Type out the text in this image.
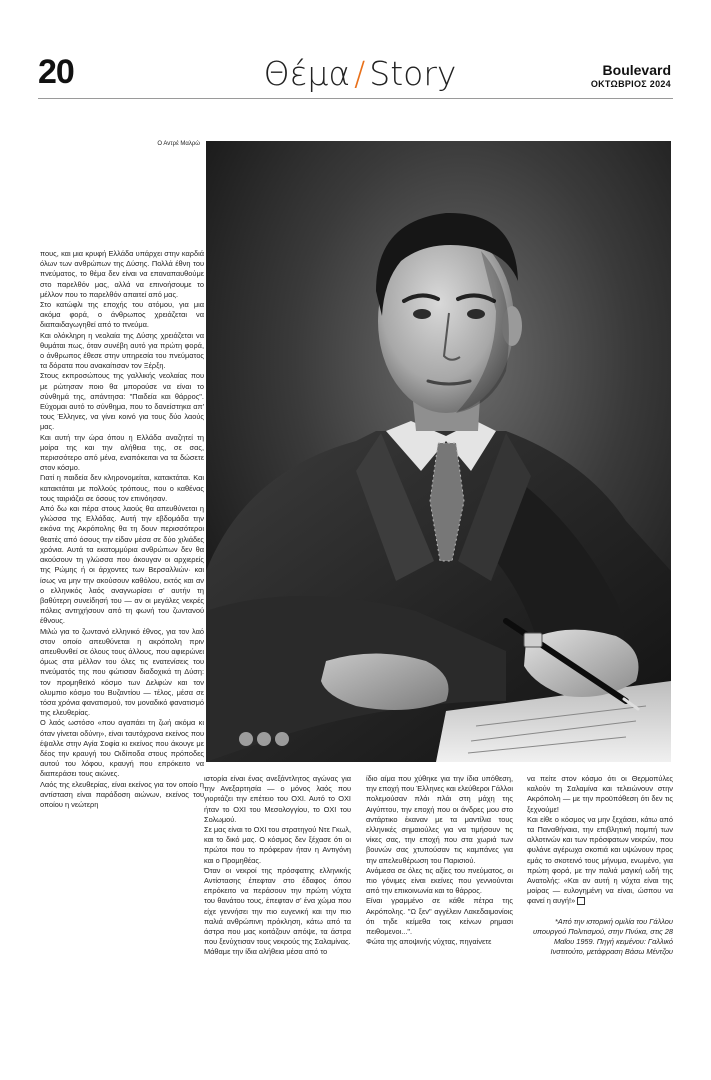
20	Θέμα / Story	Boulevard
ΟΚΤΩΒΡΙΟΣ 2024
Ο Αντρέ Μαλρώ

πους, και μια κρυφή Ελλάδα υπάρχει στην καρδιά όλων των ανθρώπων της Δύσης. Πολλά έθνη του πνεύματος, το θέμα δεν είναι να επαναπαυθούμε στο παρελθόν μας, αλλά να επινοήσουμε το μέλλον που το παρελθόν απαιτεί από μας.

Στο κατώφλι της εποχής του ατόμου, για μια ακόμα φορά, ο άνθρωπος χρειάζεται να διαπαιδαγωγηθεί από το πνεύμα.

Και ολόκληρη η νεολαία της Δύσης χρειάζεται να θυμάται πως, όταν συνέβη αυτό για πρώτη φορά, ο άνθρωπος έθεσε στην υπηρεσία του πνεύματος τα δόρατα που ανακαίτισαν τον Ξέρξη.

Στους εκπροσώπους της γαλλικής νεολαίας που με ρώτησαν ποιο θα μπορούσε να είναι το σύνθημά της, απάντησα: "Παιδεία και θάρρος". Εύχομαι αυτό το σύνθημα, που το δανείστηκα απ' τους Έλληνες, να γίνει κοινό για τους δύο λαούς μας.

Και αυτή την ώρα όπου η Ελλάδα αναζητεί τη μοίρα της και την αλήθεια της, σε σας, περισσότερο από μένα, εναπόκειται να τα δώσετε στον κόσμο.

Γιατί η παιδεία δεν κληρονομείται, κατακτάται. Και κατακτάται με πολλούς τρόπους, που ο καθένας τους ταιριάζει σε όσους τον επινόησαν.

Από δω και πέρα στους λαούς θα απευθύνεται η γλώσσα της Ελλάδας. Αυτή την εβδομάδα την εικόνα της Ακρόπολης θα τη δουν περισσότεροι θεατές από όσους την είδαν μέσα σε δύο χιλιάδες χρόνια. Αυτά τα εκατομμύρια ανθρώπων δεν θα ακούσουν τη γλώσσα που άκουγαν οι αρχιερείς της Ρώμης ή οι άρχοντες των Βερσαλλιών· και ίσως να μην την ακούσουν καθόλου, εκτός και αν ο ελληνικός λαός αναγνωρίσει σ' αυτήν τη βαθύτερη συνείδησή του — αν οι μεγάλες νεκρές πόλεις αντηχήσουν από τη φωνή του ζωντανού έθνους.

Μιλώ για το ζωντανό ελληνικό έθνος, για τον λαό στον οποίο απευθύνεται η ακρόπολη πριν απευθυνθεί σε όλους τους άλλους, που αφιερώνει όμως στα μέλλον του όλες τις ενατενίσεις του πνεύματός της που φώτισαν διαδοχικά τη Δύση: τον προμηθεϊκό κόσμο των Δελφών και τον ολυμπιο κόσμο του Βυζαντίου — τέλος, μέσα σε τόσα χρόνια φανατισμού, τον μοναδικό φανατισμό της ελευθερίας.

Ο λαός ωστόσο «που αγαπάει τη ζωή ακόμα κι όταν γίνεται οδύνη», είναι ταυτόχρονα εκείνος που έψαλλε στην Αγία Σοφία κι εκείνος που άκουγε με δέος την κραυγή του Οιδίποδα στους πρόποδες αυτού του λόφου, κραυγή που επρόκειτο να διαπεράσει τους αιώνες.

Λαός της ελευθερίας, είναι εκείνος για τον οποίο η αντίσταση είναι παράδοση αιώνων, εκείνος του οποίου η νεώτερη

ιστορία είναι ένας ανεξάντλητος αγώνας για την Ανεξαρτησία — ο μόνος λαός που γιορτάζει την επέτειο του ΟΧΙ. Αυτό το ΟΧΙ ήταν το ΟΧΙ του Μεσολογγίου, το ΟΧΙ του Σολωμού.

Σε μας είναι το ΟΧΙ του στρατηγού Ντε Γκωλ, και το δικό μας. Ο κόσμος δεν ξέχασε ότι οι πρώτοι που το πρόφεραν ήταν η Αντιγόνη και ο Προμηθέας.

Όταν οι νεκροί της πρόσφατης ελληνικής Αντίστασης έπεφταν στο έδαφος όπου επρόκειτο να περάσουν την πρώτη νύχτα του θανάτου τους, έπεφταν σ' ένα χώμα που είχε γεννήσει την πιο ευγενική και την πιο παλιά ανθρώπινη πρόκληση, κάτω από τα άστρα που μας κοιτάζουν απόψε, τα άστρα που ξενύχτισαν τους νεκρούς της Σαλαμίνας.

Μάθαμε την ίδια αλήθεια μέσα από το

ίδιο αίμα που χύθηκε για την ίδια υπόθεση, την εποχή που Έλληνες και ελεύθεροι Γάλλοι πολεμούσαν πλάι πλάι στη μάχη της Αιγύπτου, την εποχή που οι άνδρες μου στο αντάρτικο έκαναν με τα μαντίλια τους ελληνικές σημαιούλες για να τιμήσουν τις νίκες σας, την εποχή που στα χωριά των βουνών σας χτυπούσαν τις καμπάνες για την απελευθέρωση του Παρισιού.

Ανάμεσα σε όλες τις αξίες του πνεύματος, οι πιο γόνιμες είναι εκείνες που γεννιούνται από την επικοινωνία και το θάρρος.

Είναι γραμμένο σε κάθε πέτρα της Ακρόπολης. "Ω ξεν" αγγέλειν Λακεδαιμονίοις ότι τηδε κείμεθα τοις κείνων ρημασι πειθομενοι...".

Φώτα της αποψινής νύχτας, πηγαίνετε

να πείτε στον κόσμο ότι οι Θερμοπύλες καλούν τη Σαλαμίνα και τελειώνουν στην Ακρόπολη — με την προϋπόθεση ότι δεν τις ξεχνούμε!

Και είθε ο κόσμος να μην ξεχάσει, κάτω από τα Παναθήναια, την επιβλητική πομπή των αλλοτινών και των πρόσφατων νεκρών, που φυλάνε αγέρωχα σκοπιά και υψώνουν προς εμάς το σκοτεινό τους μήνυμα, ενωμένο, για πρώτη φορά, με την παλιά μαγική ωδή της Ανατολής: «Και αν αυτή η νύχτα είναι της μοίρας — ευλογημένη να είναι, ώσπου να φανεί η αυγή!»

*Από την ιστορική ομιλία του Γάλλου υπουργού Πολιτισμού, στην Πνύκα, στις 28 Μαΐου 1959. Πηγή κειμένου: Γαλλικό Ινστιτούτο, μετάφραση Βάσω Μέντζου
